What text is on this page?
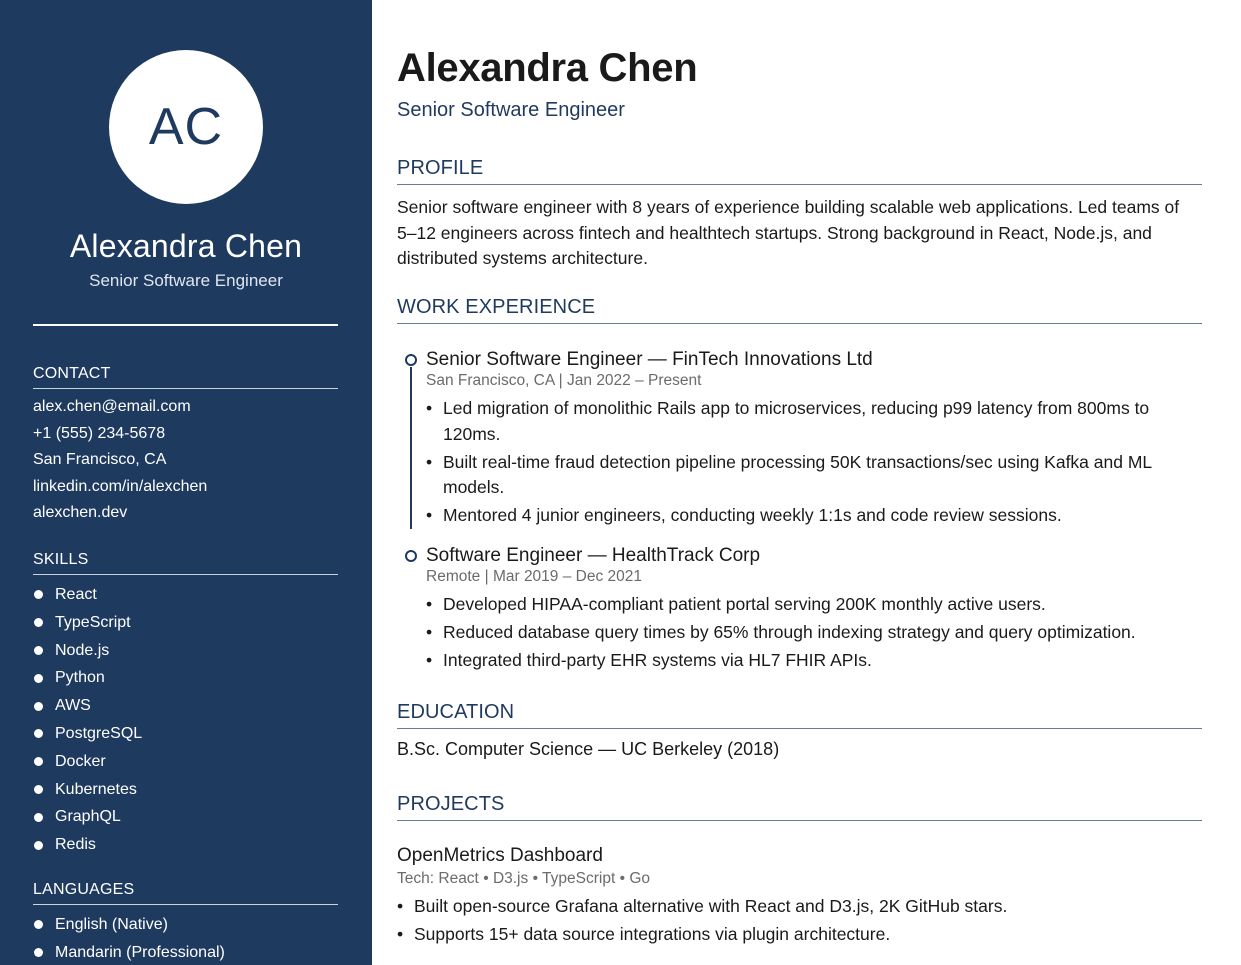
AC
Alexandra Chen
Senior Software Engineer
CONTACT
alex.chen@email.com
+1 (555) 234-5678
San Francisco, CA
linkedin.com/in/alexchen
alexchen.dev
SKILLS
React
TypeScript
Node.js
Python
AWS
PostgreSQL
Docker
Kubernetes
GraphQL
Redis
LANGUAGES
English (Native)
Mandarin (Professional)
Alexandra Chen
Senior Software Engineer
PROFILE

Senior software engineer with 8 years of experience building scalable web applications. Led teams of 5–12 engineers across fintech and healthtech startups. Strong background in React, Node.js, and distributed systems architecture.

WORK EXPERIENCE
Senior Software Engineer — FinTech Innovations Ltd
San Francisco, CA | Jan 2022 – Present
• Led migration of monolithic Rails app to microservices, reducing p99 latency from 800ms to 120ms.
• Built real-time fraud detection pipeline processing 50K transactions/sec using Kafka and ML models.
• Mentored 4 junior engineers, conducting weekly 1:1s and code review sessions.
Software Engineer — HealthTrack Corp
Remote | Mar 2019 – Dec 2021
• Developed HIPAA-compliant patient portal serving 200K monthly active users.
• Reduced database query times by 65% through indexing strategy and query optimization.
• Integrated third-party EHR systems via HL7 FHIR APIs.
EDUCATION
B.Sc. Computer Science — UC Berkeley (2018)
PROJECTS
OpenMetrics Dashboard
Tech: React • D3.js • TypeScript • Go
• Built open-source Grafana alternative with React and D3.js, 2K GitHub stars.
• Supports 15+ data source integrations via plugin architecture.
